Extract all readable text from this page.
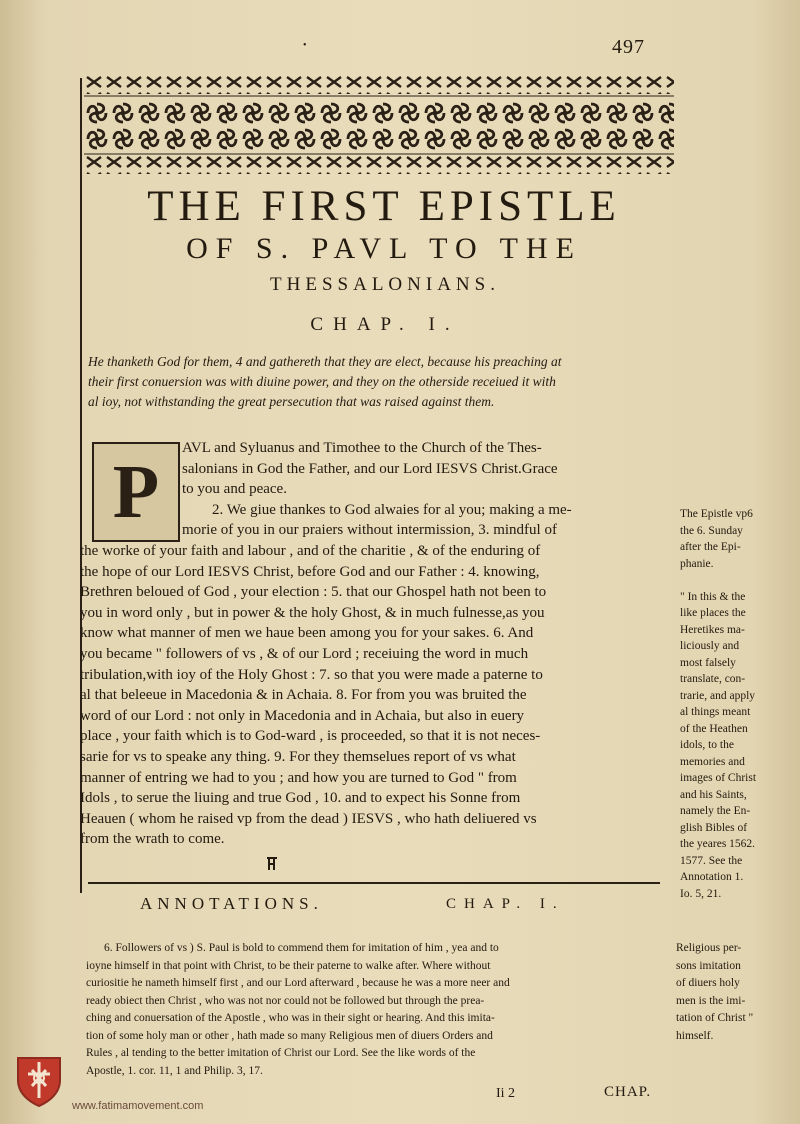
•	497
THE FIRST EPISTLE
OF S. PAVL TO THE
THESSALONIANS.
CHAP. I.

He thanketh God for them, 4 and gathereth that they are elect, because his preaching at

their first conuersion was with diuine power, and they on the otherside receiued it with

al ioy, not withstanding the great persecution that was raised against them.

AVL and Syluanus and Timothee to the Church of the Thes-
salonians in God the Father, and our Lord IESVS Christ.Grace
to you and peace.
2. We giue thankes to God alwaies for al you; making a me-
morie of you in our praiers without intermission, 3. mindful of
the worke of your faith and labour , and of the charitie , & of the enduring of
the hope of our Lord IESVS Christ, before God and our Father : 4. knowing,
Brethren beloued of God , your election : 5. that our Ghospel hath not been to
you in word only , but in power & the holy Ghost, & in much fulnesse,as you
know what manner of men we haue been among you for your sakes. 6. And
you became " followers of vs , & of our Lord ; receiuing the word in much
tribulation,with ioy of the Holy Ghost : 7. so that you were made a paterne to
al that beleeue in Macedonia & in Achaia. 8. For from you was bruited the
word of our Lord : not only in Macedonia and in Achaia, but also in euery
place , your faith which is to God-ward , is proceeded, so that it is not neces-
sarie for vs to speake any thing. 9. For they themselues report of vs what
manner of entring we had to you ; and how you are turned to God " from
Idols , to serue the liuing and true God , 10. and to expect his Sonne from
Heauen ( whom he raised vp from the dead ) IESVS , who hath deliuered vs
from the wrath to come.
P	The Epistle vp6
the 6. Sunday
after the Epi-
phanie.

" In this & the
like places the
Heretikes ma-
liciously and
most falsely
translate, con-
trarie, and apply
al things meant
of the Heathen
idols, to the
memories and
images of Christ
and his Saints,
namely the En-
glish Bibles of
the yeares 1562.
1577. See the
Annotation 1.
Io. 5, 21.
ANNOTATIONS.	CHAP. I.
6. Followers of vs ) S. Paul is bold to commend them for imitation of him , yea and to
ioyne himself in that point with Christ, to be their paterne to walke after. Where without
curiositie he nameth himself first , and our Lord afterward , because he was a more neer and
ready obiect then Christ , who was not nor could not be followed but through the prea-
ching and conuersation of the Apostle , who was in their sight or hearing. And this imita-
tion of some holy man or other , hath made so many Religious men of diuers Orders and
Rules , al tending to the better imitation of Christ our Lord. See the like words of the
Apostle, 1. cor. 11, 1 and Philip. 3, 17.
Religious per-
sons imitation
of diuers holy
men is the imi-
tation of Christ "
himself.
Ii 2	CHAP.
www.fatimamovement.com
